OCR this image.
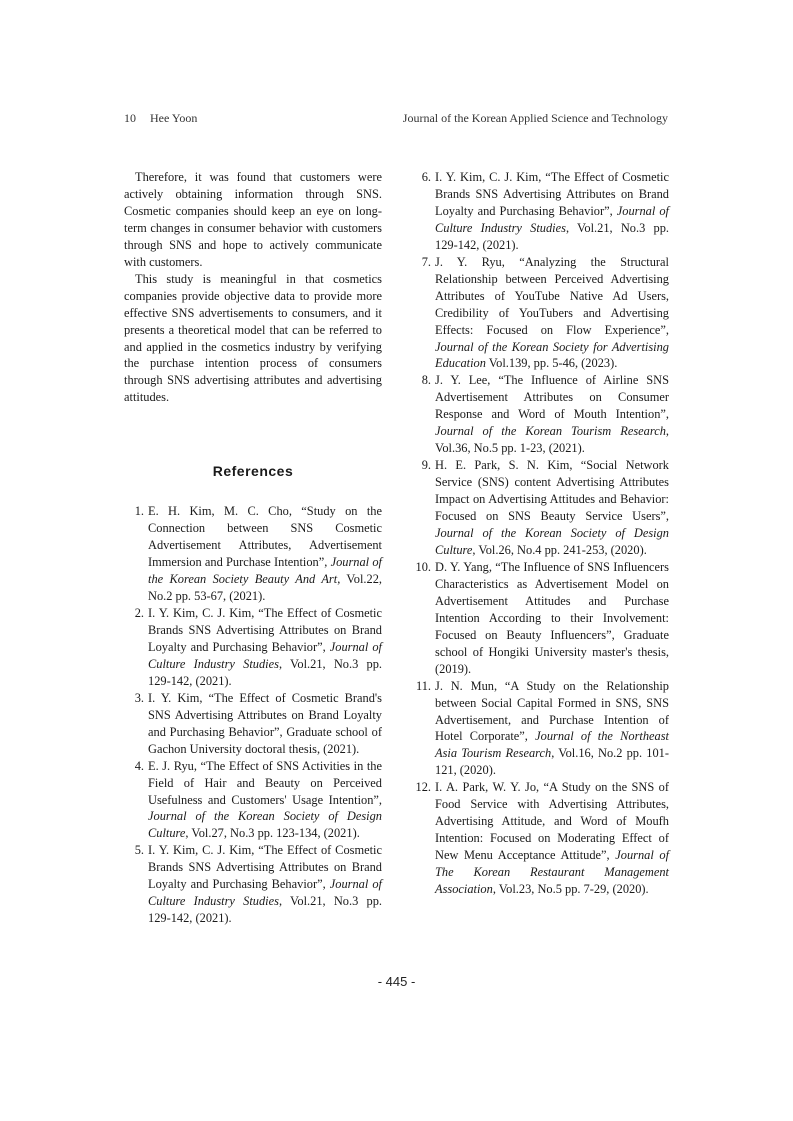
10 Hee Yoon	Journal of the Korean Applied Science and Technology

Therefore, it was found that customers were actively obtaining information through SNS. Cosmetic companies should keep an eye on long-term changes in consumer behavior with customers through SNS and hope to actively communicate with customers.

This study is meaningful in that cosmetics companies provide objective data to provide more effective SNS advertisements to consumers, and it presents a theoretical model that can be referred to and applied in the cosmetics industry by verifying the purchase intention process of consumers through SNS advertising attributes and advertising attitudes.

References
1. E. H. Kim, M. C. Cho, “Study on the Connection between SNS Cosmetic Advertisement Attributes, Advertisement Immersion and Purchase Intention”, Journal of the Korean Society Beauty And Art, Vol.22, No.2 pp. 53-67, (2021).
2. I. Y. Kim, C. J. Kim, “The Effect of Cosmetic Brands SNS Advertising Attributes on Brand Loyalty and Purchasing Behavior”, Journal of Culture Industry Studies, Vol.21, No.3 pp. 129-142, (2021).
3. I. Y. Kim, “The Effect of Cosmetic Brand's SNS Advertising Attributes on Brand Loyalty and Purchasing Behavior”, Graduate school of Gachon University doctoral thesis, (2021).
4. E. J. Ryu, “The Effect of SNS Activities in the Field of Hair and Beauty on Perceived Usefulness and Customers' Usage Intention”, Journal of the Korean Society of Design Culture, Vol.27, No.3 pp. 123-134, (2021).
5. I. Y. Kim, C. J. Kim, “The Effect of Cosmetic Brands SNS Advertising Attributes on Brand Loyalty and Purchasing Behavior”, Journal of Culture Industry Studies, Vol.21, No.3 pp. 129-142, (2021).
6. I. Y. Kim, C. J. Kim, “The Effect of Cosmetic Brands SNS Advertising Attributes on Brand Loyalty and Purchasing Behavior”, Journal of Culture Industry Studies, Vol.21, No.3 pp. 129-142, (2021).
7. J. Y. Ryu, “Analyzing the Structural Relationship between Perceived Advertising Attributes of YouTube Native Ad Users, Credibility of YouTubers and Advertising Effects: Focused on Flow Experience”, Journal of the Korean Society for Advertising Education Vol.139, pp. 5-46, (2023).
8. J. Y. Lee, “The Influence of Airline SNS Advertisement Attributes on Consumer Response and Word of Mouth Intention”, Journal of the Korean Tourism Research, Vol.36, No.5 pp. 1-23, (2021).
9. H. E. Park, S. N. Kim, “Social Network Service (SNS) content Advertising Attributes Impact on Advertising Attitudes and Behavior: Focused on SNS Beauty Service Users”, Journal of the Korean Society of Design Culture, Vol.26, No.4 pp. 241-253, (2020).
10. D. Y. Yang, “The Influence of SNS Influencers Characteristics as Advertisement Model on Advertisement Attitudes and Purchase Intention According to their Involvement: Focused on Beauty Influencers”, Graduate school of Hongiki University master's thesis, (2019).
11. J. N. Mun, “A Study on the Relationship between Social Capital Formed in SNS, SNS Advertisement, and Purchase Intention of Hotel Corporate”, Journal of the Northeast Asia Tourism Research, Vol.16, No.2 pp. 101-121, (2020).
12. I. A. Park, W. Y. Jo, “A Study on the SNS of Food Service with Advertising Attributes, Advertising Attitude, and Word of Moufh Intention: Focused on Moderating Effect of New Menu Acceptance Attitude”, Journal of The Korean Restaurant Management Association, Vol.23, No.5 pp. 7-29, (2020).
- 445 -
